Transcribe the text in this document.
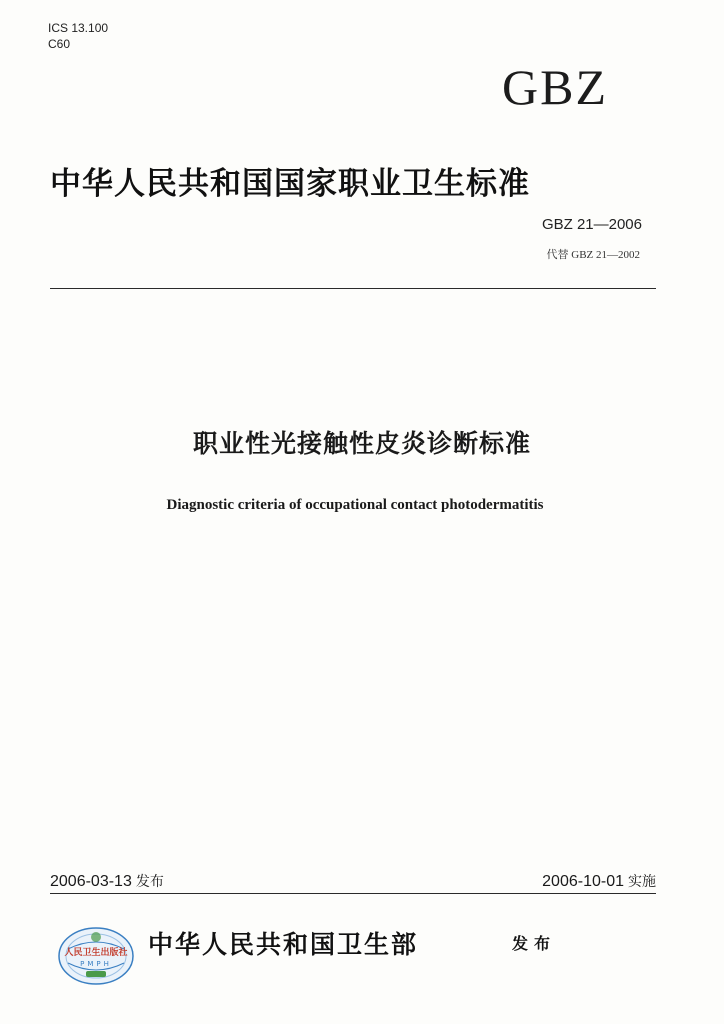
ICS 13.100
C60
GBZ
中华人民共和国国家职业卫生标准
GBZ 21—2006
代替 GBZ 21—2002
职业性光接触性皮炎诊断标准
Diagnostic criteria of occupational contact photodermatitis
2006-03-13 发布	2006-10-01 实施
人民卫生出版社
PMPH
中华人民共和国卫生部	发布
